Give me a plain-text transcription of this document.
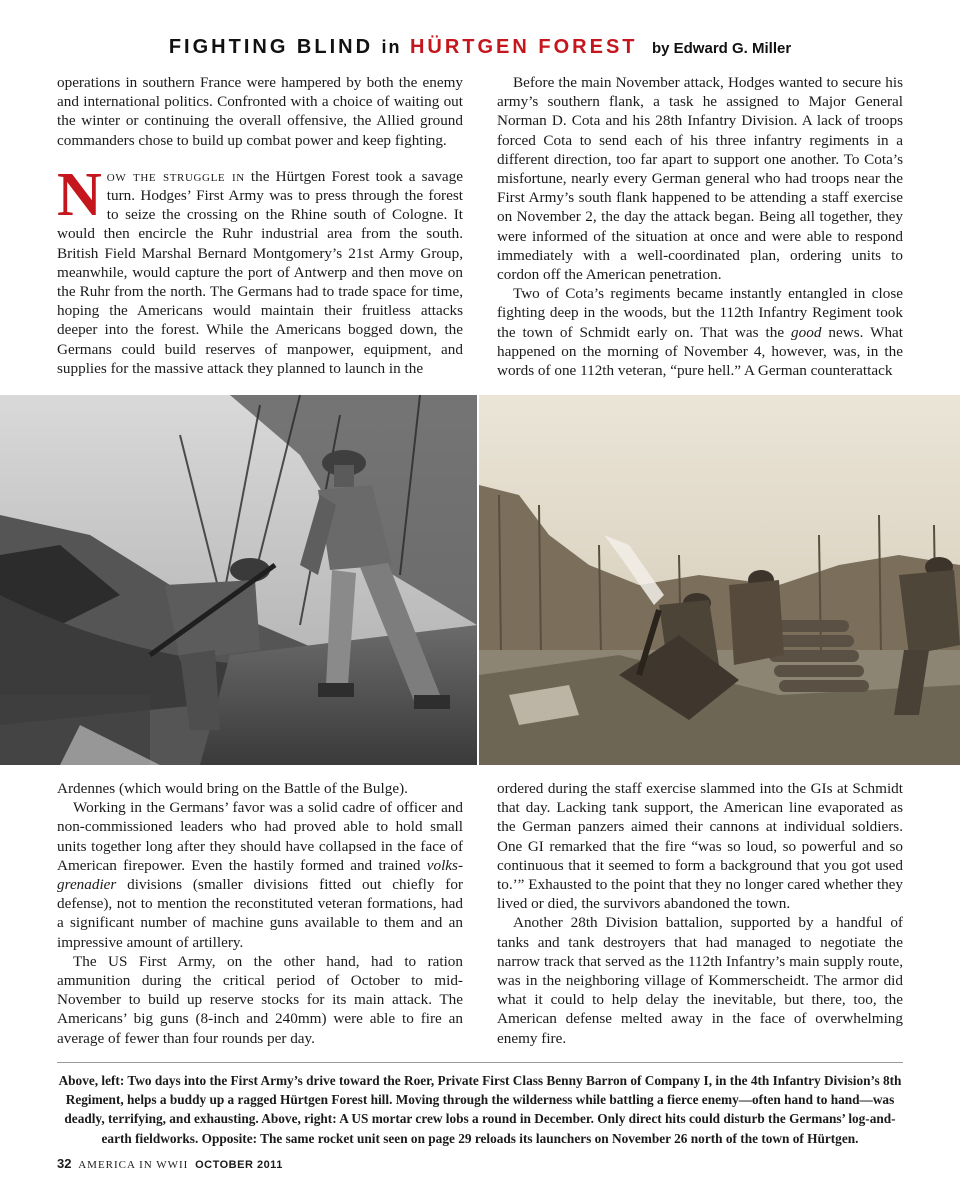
FIGHTING BLIND in HÜRTGEN FOREST by Edward G. Miller

operations in southern France were hampered by both the enemy and international politics. Confronted with a choice of waiting out the winter or continuing the overall offensive, the Allied ground commanders chose to build up combat power and keep fighting.

Now the struggle in the Hürtgen Forest took a savage turn. Hodges’ First Army was to press through the forest to seize the crossing on the Rhine south of Cologne. It would then encircle the Ruhr industrial area from the south. British Field Marshal Bernard Montgomery’s 21st Army Group, meanwhile, would capture the port of Antwerp and then move on the Ruhr from the north. The Germans had to trade space for time, hoping the Americans would maintain their fruitless attacks deeper into the forest. While the Americans bogged down, the Germans could build reserves of manpower, equipment, and supplies for the massive attack they planned to launch in the

Before the main November attack, Hodges wanted to secure his army’s southern flank, a task he assigned to Major General Norman D. Cota and his 28th Infantry Division. A lack of troops forced Cota to send each of his three infantry regiments in a different direction, too far apart to support one another. To Cota’s misfortune, nearly every German general who had troops near the First Army’s south flank happened to be attending a staff exercise on November 2, the day the attack began. Being all together, they were informed of the situation at once and were able to respond immediately with a well-coordinated plan, ordering units to cordon off the American penetration.

Two of Cota’s regiments became instantly entangled in close fighting deep in the woods, but the 112th Infantry Regiment took the town of Schmidt early on. That was the good news. What happened on the morning of November 4, however, was, in the words of one 112th veteran, “pure hell.” A German counterattack

Ardennes (which would bring on the Battle of the Bulge).

Working in the Germans’ favor was a solid cadre of officer and non-commissioned leaders who had proved able to hold small units together long after they should have collapsed in the face of American firepower. Even the hastily formed and trained volks-grenadier divisions (smaller divisions fitted out chiefly for defense), not to mention the reconstituted veteran formations, had a significant number of machine guns available to them and an impressive amount of artillery.

The US First Army, on the other hand, had to ration ammunition during the critical period of October to mid-November to build up reserve stocks for its main attack. The Americans’ big guns (8-inch and 240mm) were able to fire an average of fewer than four rounds per day.

ordered during the staff exercise slammed into the GIs at Schmidt that day. Lacking tank support, the American line evaporated as the German panzers aimed their cannons at individual soldiers. One GI remarked that the fire “was so loud, so powerful and so continuous that it seemed to form a background that you got used to.’” Exhausted to the point that they no longer cared whether they lived or died, the survivors abandoned the town.

Another 28th Division battalion, supported by a handful of tanks and tank destroyers that had managed to negotiate the narrow track that served as the 112th Infantry’s main supply route, was in the neighboring village of Kommerscheidt. The armor did what it could to help delay the inevitable, but there, too, the American defense melted away in the face of overwhelming enemy fire.

Above, left: Two days into the First Army’s drive toward the Roer, Private First Class Benny Barron of Company I, in the 4th Infantry Division’s 8th Regiment, helps a buddy up a ragged Hürtgen Forest hill. Moving through the wilderness while battling a fierce enemy—often hand to hand—was deadly, terrifying, and exhausting. Above, right: A US mortar crew lobs a round in December. Only direct hits could disturb the Germans’ log-and-earth fieldworks. Opposite: The same rocket unit seen on page 29 reloads its launchers on November 26 north of the town of Hürtgen.
32 AMERICA IN WWII OCTOBER 2011
